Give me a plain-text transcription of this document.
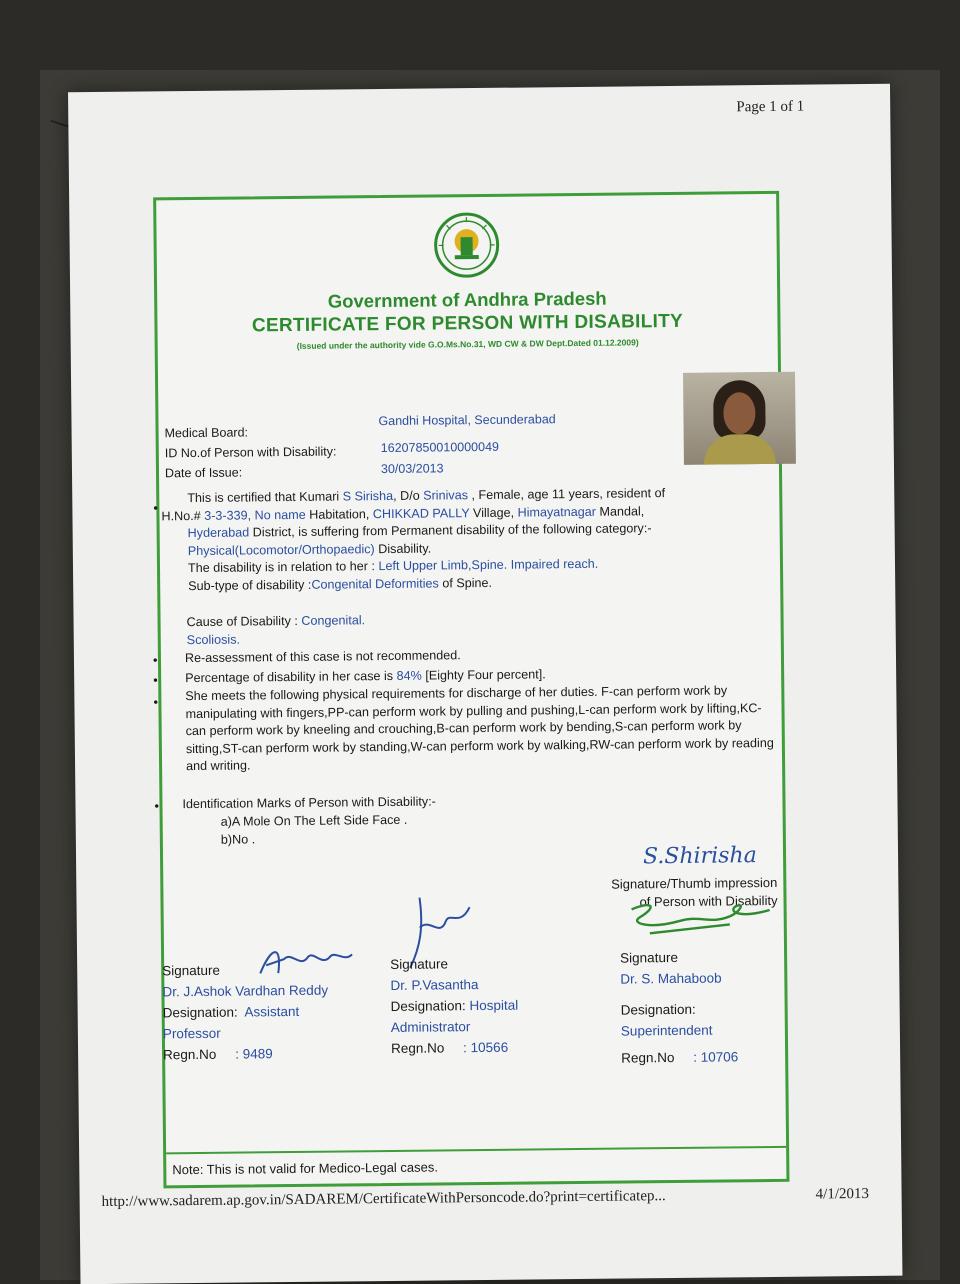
Page 1 of 1
Government of Andhra Pradesh
CERTIFICATE FOR PERSON WITH DISABILITY
(Issued under the authority vide G.O.Ms.No.31, WD CW & DW Dept.Dated 01.12.2009)
Medical Board:
Gandhi Hospital, Secunderabad
ID No.of Person with Disability:	16207850010000049
Date of Issue:	30/03/2013
•
This is certified that Kumari S Sirisha, D/o Srinivas , Female, age 11 years, resident of
H.No.# 3-3-339, No name Habitation, CHIKKAD PALLY Village, Himayatnagar Mandal,
Hyderabad District, is suffering from Permanent disability of the following category:-
Physical(Locomotor/Orthopaedic) Disability.
The disability is in relation to her : Left Upper Limb,Spine. Impaired reach.
Sub-type of disability :Congenital Deformities of Spine.
Cause of Disability : Congenital.
Scoliosis.
• Re-assessment of this case is not recommended.
• Percentage of disability in her case is 84% [Eighty Four percent].
• She meets the following physical requirements for discharge of her duties. F-can perform work by manipulating with fingers,PP-can perform work by pulling and pushing,L-can perform work by lifting,KC-can perform work by kneeling and crouching,B-can perform work by bending,S-can perform work by sitting,ST-can perform work by standing,W-can perform work by walking,RW-can perform work by reading and writing.
• Identification Marks of Person with Disability:-
a)A Mole On The Left Side Face .
b)No .
S.Shirisha
Signature/Thumb impression
of Person with Disability
Signature
Dr. J.Ashok Vardhan Reddy
Designation: Assistant
Professor
Regn.No : 9489
Signature
Dr. P.Vasantha
Designation: Hospital
Administrator
Regn.No : 10566
Signature
Dr. S. Mahaboob
Designation:  Superintendent
Regn.No : 10706
Note: This is not valid for Medico-Legal cases.
http://www.sadarem.ap.gov.in/SADAREM/CertificateWithPersoncode.do?print=certificatep...	4/1/2013
